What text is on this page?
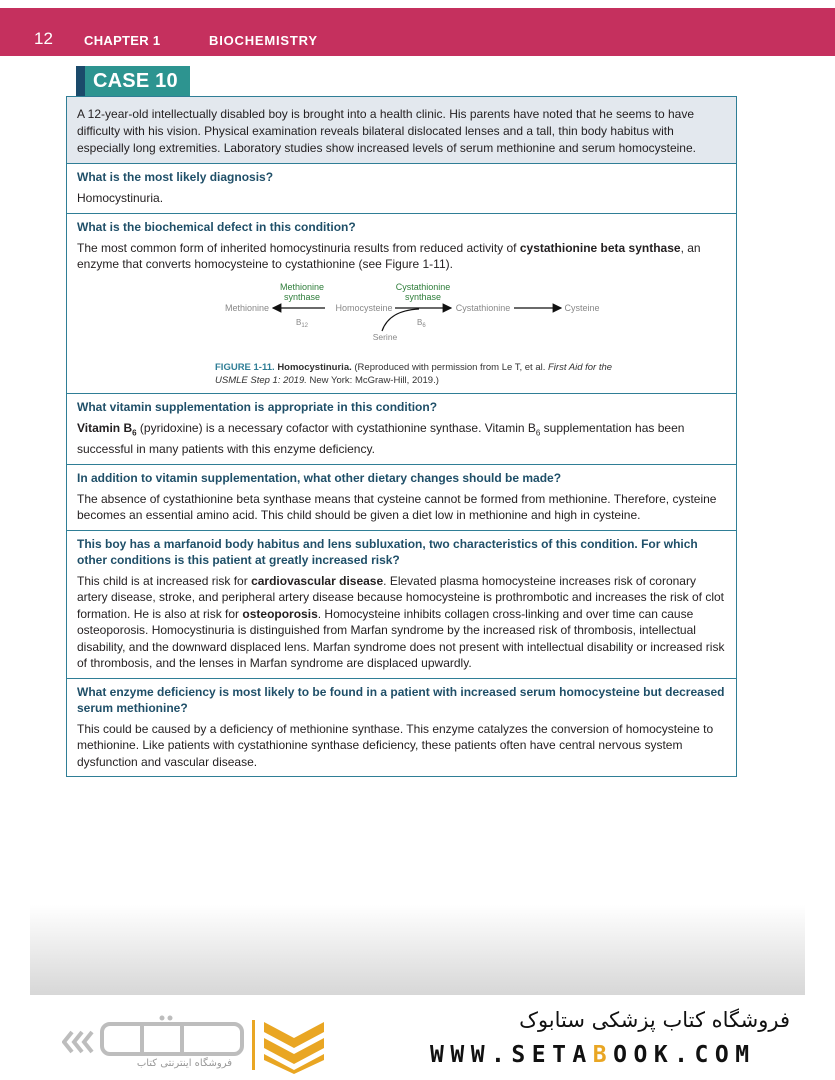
12 CHAPTER 1	BIOCHEMISTRY
CASE 10
A 12-year-old intellectually disabled boy is brought into a health clinic. His parents have noted that he seems to have difficulty with his vision. Physical examination reveals bilateral dislocated lenses and a tall, thin body habitus with especially long extremities. Laboratory studies show increased levels of serum methionine and serum homocysteine.
What is the most likely diagnosis?
Homocystinuria.
What is the biochemical defect in this condition?
The most common form of inherited homocystinuria results from reduced activity of cystathionine beta synthase, an enzyme that converts homocysteine to cystathionine (see Figure 1-11).
Methionine
synthase
Cystathionine
synthase
Methionine	Homocysteine	Cystathionine	Cysteine
$B_{12}$	$B_6$
Serine
FIGURE 1-11. Homocystinuria. (Reproduced with permission from Le T, et al. First Aid for the USMLE Step 1: 2019. New York: McGraw-Hill, 2019.)
What vitamin supplementation is appropriate in this condition?
Vitamin $B_6$ (pyridoxine) is a necessary cofactor with cystathionine synthase. Vitamin $B_6$ supplementation has been successful in many patients with this enzyme deficiency.
In addition to vitamin supplementation, what other dietary changes should be made?
The absence of cystathionine beta synthase means that cysteine cannot be formed from methionine. Therefore, cysteine becomes an essential amino acid. This child should be given a diet low in methionine and high in cysteine.
This boy has a marfanoid body habitus and lens subluxation, two characteristics of this condition. For which other conditions is this patient at greatly increased risk?
This child is at increased risk for cardiovascular disease. Elevated plasma homocysteine increases risk of coronary artery disease, stroke, and peripheral artery disease because homocysteine is prothrombotic and increases the risk of clot formation. He is also at risk for osteoporosis. Homocysteine inhibits collagen cross-linking and over time can cause osteoporosis. Homocystinuria is distinguished from Marfan syndrome by the increased risk of thrombosis, intellectual disability, and the downward displaced lens. Marfan syndrome does not present with intellectual disability or increased risk of thrombosis, and the lenses in Marfan syndrome are displaced upwardly.
What enzyme deficiency is most likely to be found in a patient with increased serum homocysteine but decreased serum methionine?
This could be caused by a deficiency of methionine synthase. This enzyme catalyzes the conversion of homocysteine to methionine. Like patients with cystathionine synthase deficiency, these patients often have central nervous system dysfunction and vascular disease.
فروشگاه اینترنتی کتاب
فروشگاه کتاب پزشکی ستابوک
WWW.SETABOOK.COM
